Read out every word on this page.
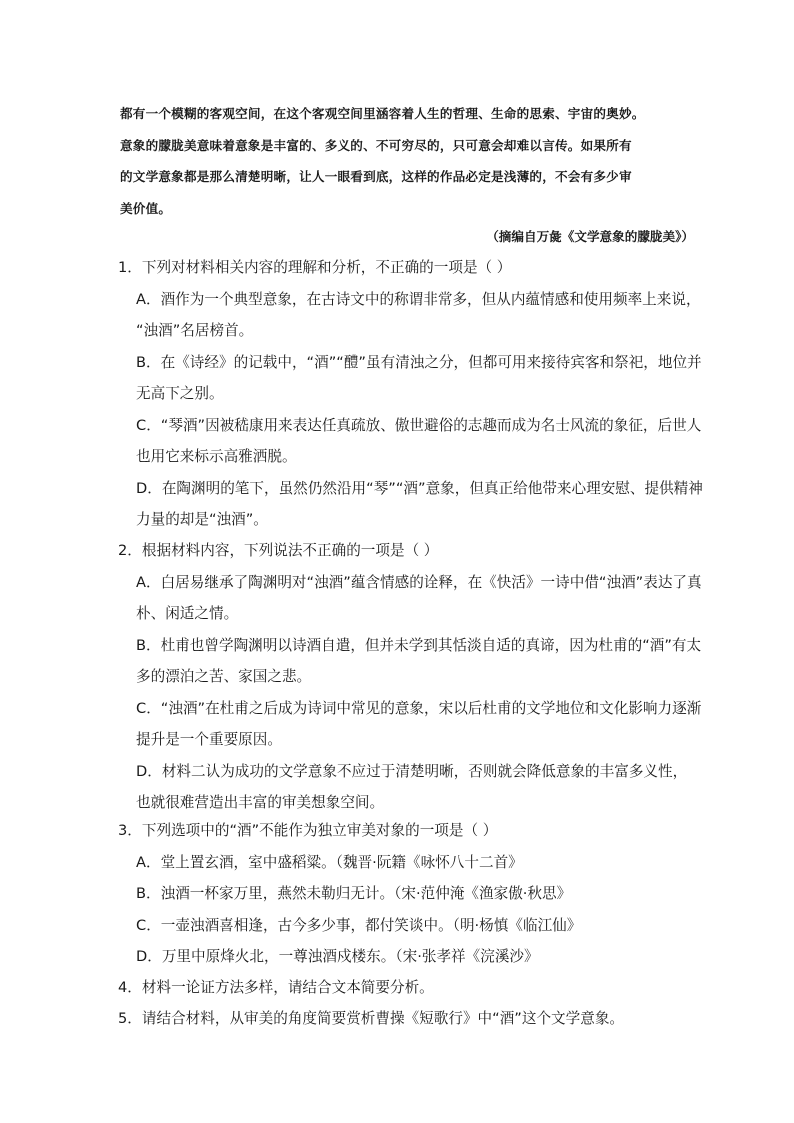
都有一个模糊的客观空间，在这个客观空间里涵容着人生的哲理、生命的思索、宇宙的奥妙。
意象的朦胧美意味着意象是丰富的、多义的、不可穷尽的，只可意会却难以言传。如果所有
的文学意象都是那么清楚明晰，让人一眼看到底，这样的作品必定是浅薄的，不会有多少审
美价值。
（摘编自万彘《文学意象的朦胧美》）
1．下列对材料相关内容的理解和分析，不正确的一项是（ ）
A．酒作为一个典型意象，在古诗文中的称谓非常多，但从内蕴情感和使用频率上来说，
“浊酒”名居榜首。
B．在《诗经》的记载中，“酒”“醴”虽有清浊之分，但都可用来接待宾客和祭祀，地位并
无高下之别。
C．“琴酒”因被嵇康用来表达任真疏放、傲世避俗的志趣而成为名士风流的象征，后世人
也用它来标示高雅洒脱。
D．在陶渊明的笔下，虽然仍然沿用“琴”“酒”意象，但真正给他带来心理安慰、提供精神
力量的却是“浊酒”。
2．根据材料内容，下列说法不正确的一项是（ ）
A．白居易继承了陶渊明对“浊酒”蕴含情感的诠释，在《快活》一诗中借“浊酒”表达了真
朴、闲适之情。
B．杜甫也曾学陶渊明以诗酒自遣，但并未学到其恬淡自适的真谛，因为杜甫的“酒”有太
多的漂泊之苦、家国之悲。
C．“浊酒”在杜甫之后成为诗词中常见的意象，宋以后杜甫的文学地位和文化影响力逐渐
提升是一个重要原因。
D．材料二认为成功的文学意象不应过于清楚明晰，否则就会降低意象的丰富多义性，
也就很难营造出丰富的审美想象空间。
3．下列选项中的“酒”不能作为独立审美对象的一项是（ ）
A．堂上置玄酒，室中盛稻粱。（魏晋·阮籍《咏怀八十二首》
B．浊酒一杯家万里，燕然未勒归无计。（宋·范仲淹《渔家傲·秋思》
C．一壶浊酒喜相逢，古今多少事，都付笑谈中。（明·杨慎《临江仙》
D．万里中原烽火北，一尊浊酒戍楼东。（宋·张孝祥《浣溪沙》
4．材料一论证方法多样，请结合文本简要分析。
5．请结合材料，从审美的角度简要赏析曹操《短歌行》中“酒”这个文学意象。
